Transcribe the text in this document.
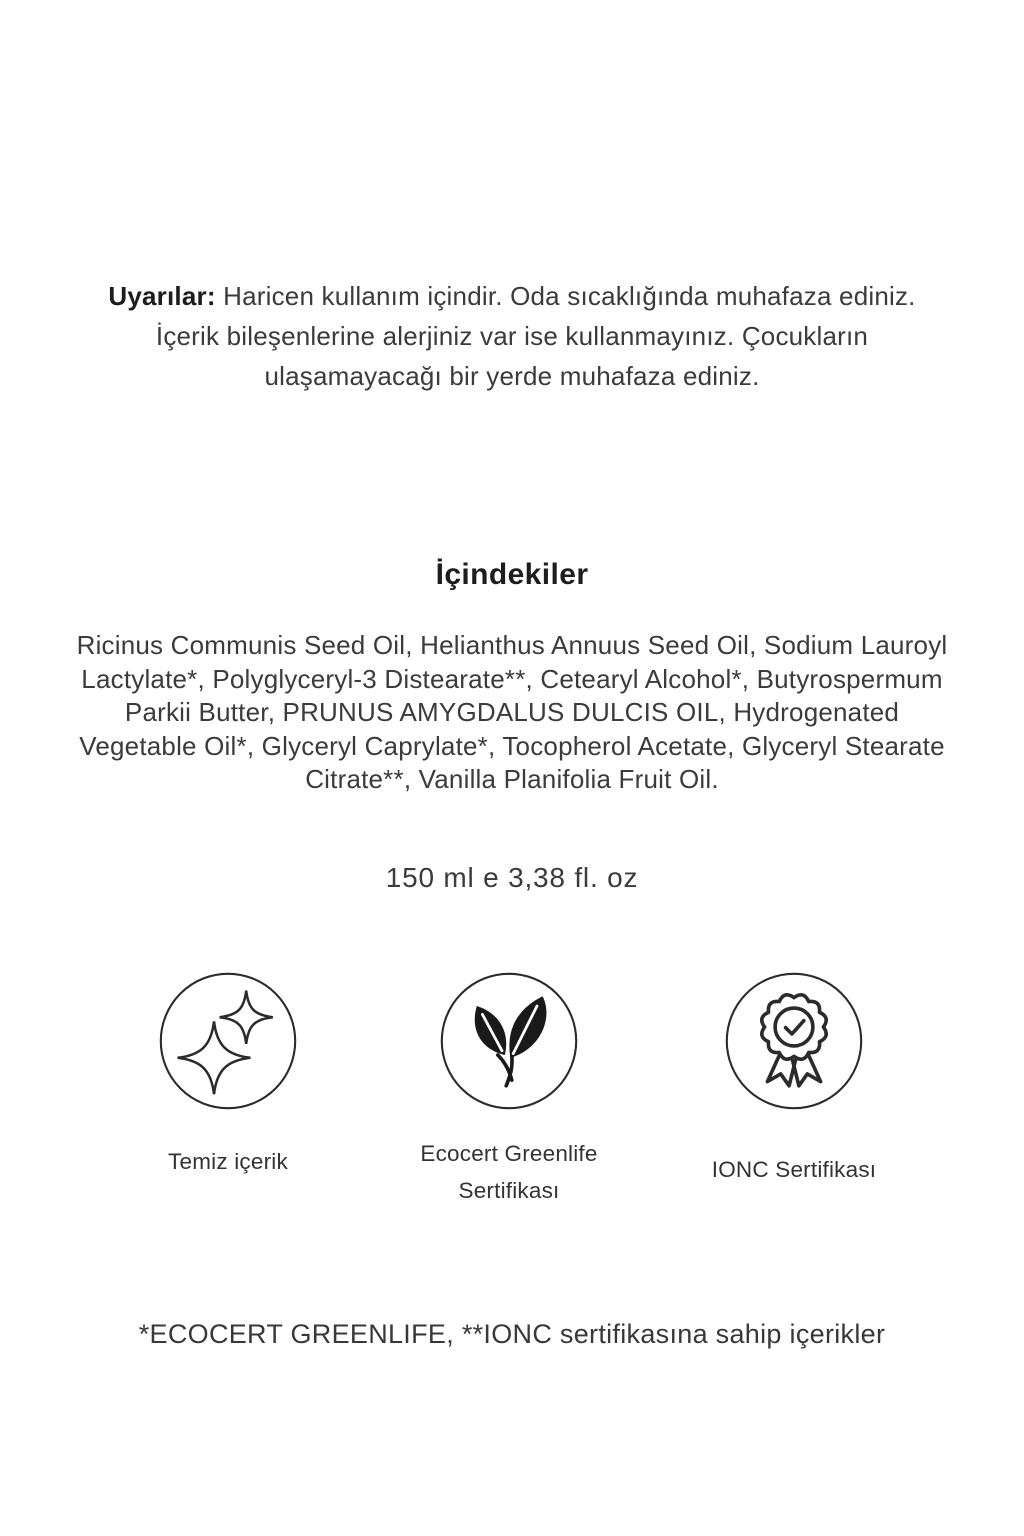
Uyarılar: Haricen kullanım içindir. Oda sıcaklığında muhafaza ediniz. İçerik bileşenlerine alerjiniz var ise kullanmayınız. Çocukların ulaşamayacağı bir yerde muhafaza ediniz.

İçindekiler

Ricinus Communis Seed Oil, Helianthus Annuus Seed Oil, Sodium Lauroyl Lactylate*, Polyglyceryl-3 Distearate**, Cetearyl Alcohol*, Butyrospermum Parkii Butter, PRUNUS AMYGDALUS DULCIS OIL, Hydrogenated Vegetable Oil*, Glyceryl Caprylate*, Tocopherol Acetate, Glyceryl Stearate Citrate**, Vanilla Planifolia Fruit Oil.

150 ml e 3,38 fl. oz

Temiz içerik	Ecocert Greenlife Sertifikası
IONC Sertifikası

*ECOCERT GREENLIFE, **IONC sertifikasına sahip içerikler
